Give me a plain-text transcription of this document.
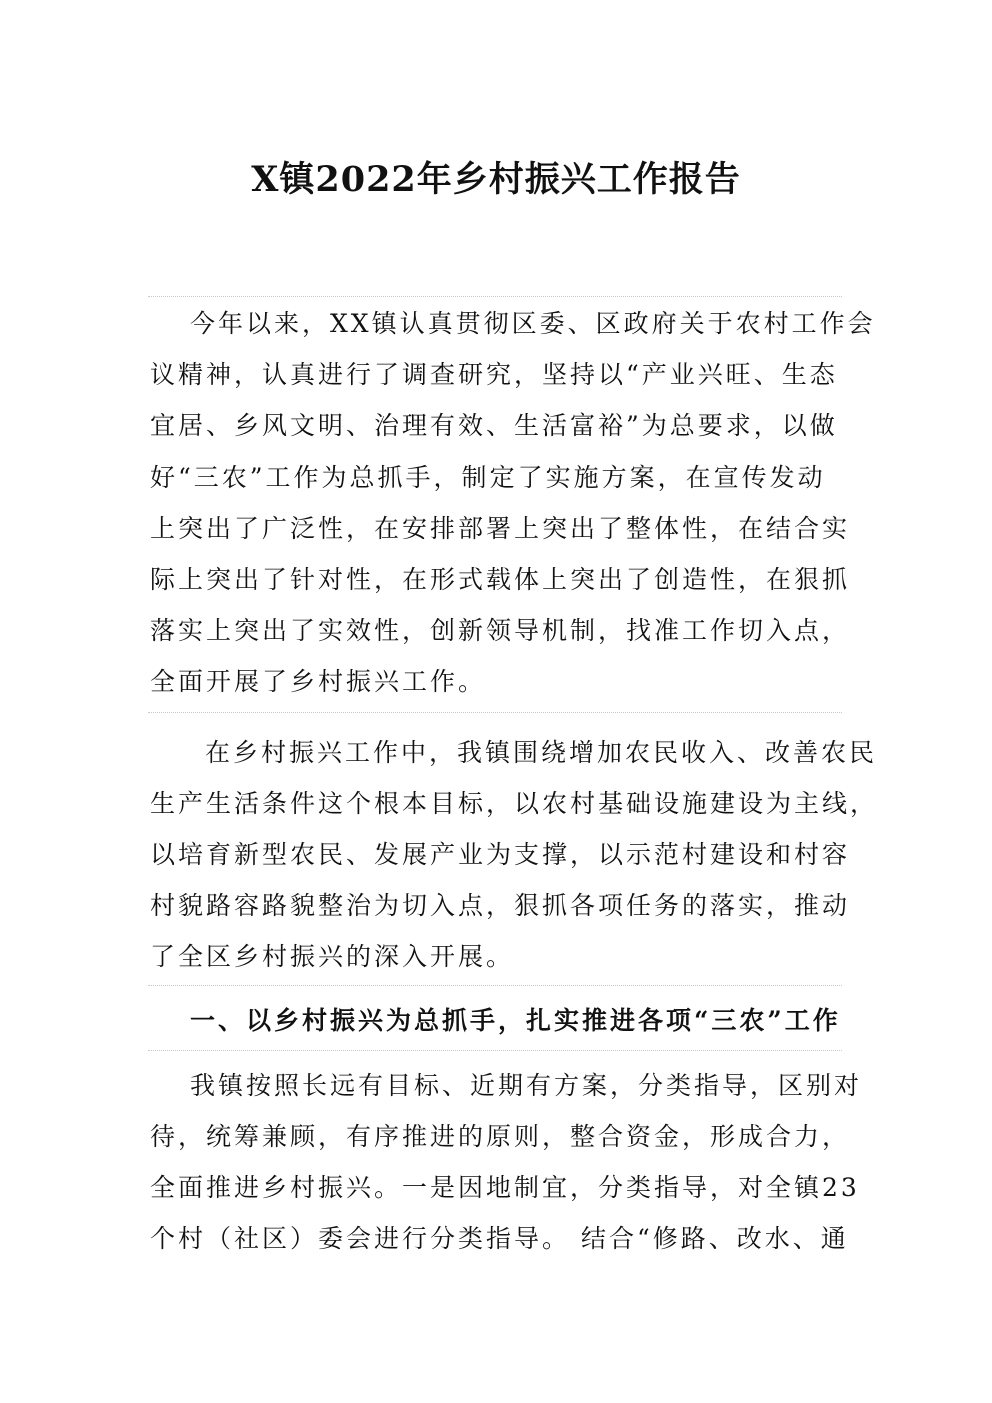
X镇2022年乡村振兴工作报告
今年以来，XX镇认真贯彻区委、区政府关于农村工作会
议精神，认真进行了调查研究，坚持以“产业兴旺、生态
宜居、乡风文明、治理有效、生活富裕”为总要求，以做
好“三农”工作为总抓手，制定了实施方案，在宣传发动
上突出了广泛性，在安排部署上突出了整体性，在结合实
际上突出了针对性，在形式载体上突出了创造性，在狠抓
落实上突出了实效性，创新领导机制，找准工作切入点，
全面开展了乡村振兴工作。
在乡村振兴工作中，我镇围绕增加农民收入、改善农民
生产生活条件这个根本目标，以农村基础设施建设为主线，
以培育新型农民、发展产业为支撑，以示范村建设和村容
村貌路容路貌整治为切入点，狠抓各项任务的落实，推动
了全区乡村振兴的深入开展。
一、以乡村振兴为总抓手，扎实推进各项“三农”工作
我镇按照长远有目标、近期有方案，分类指导，区别对
待，统筹兼顾，有序推进的原则，整合资金，形成合力，
全面推进乡村振兴。一是因地制宜，分类指导，对全镇23
个村（社区）委会进行分类指导。 结合“修路、改水、通
